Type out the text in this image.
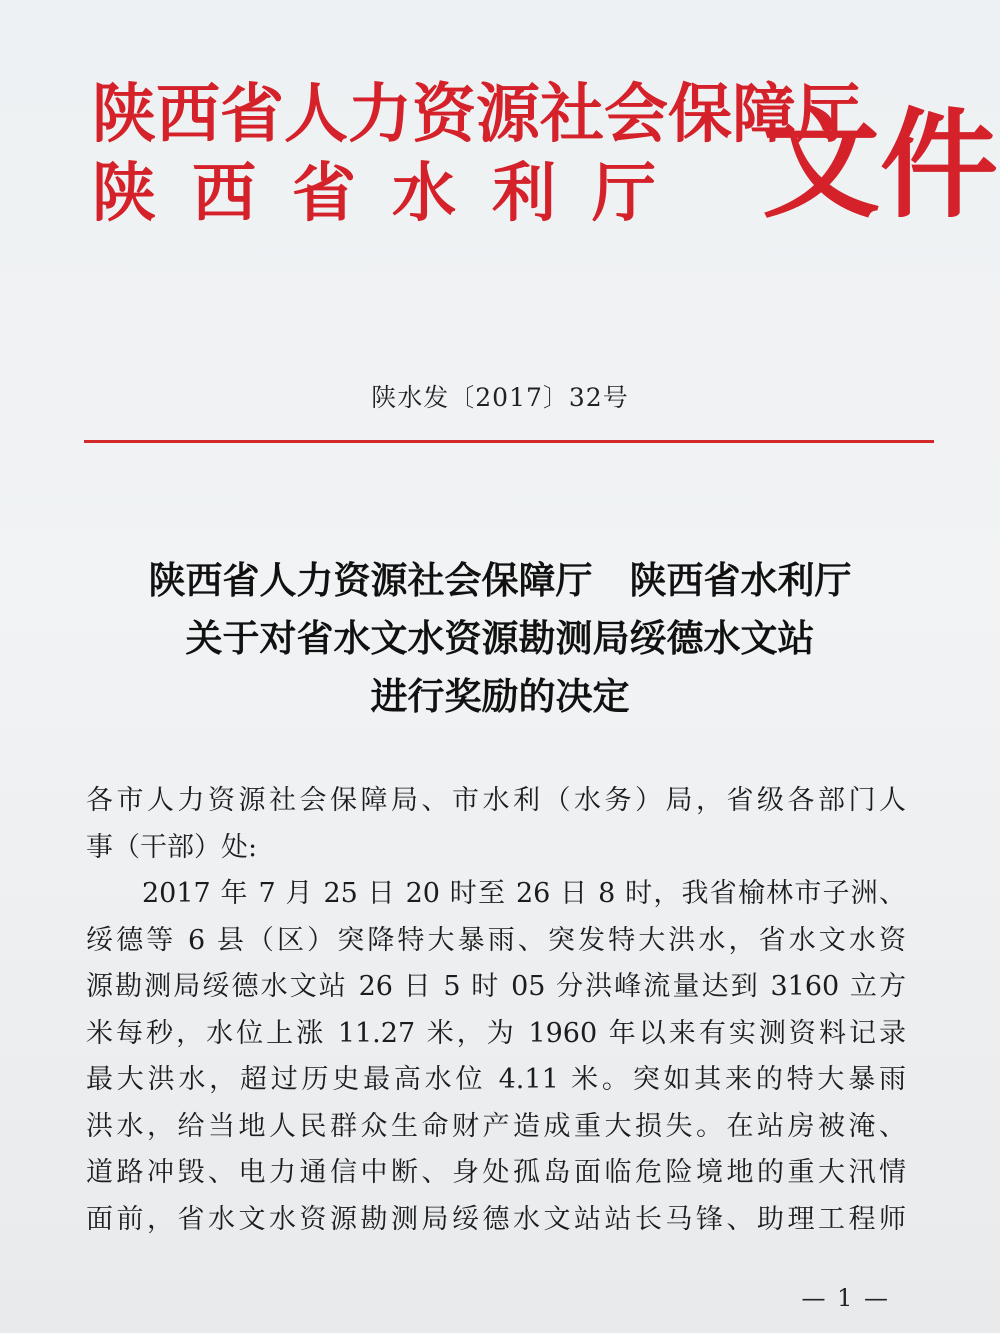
陕西省人力资源社会保障厅
陕西省水利厅 文件
陕水发〔2017〕32号
陕西省人力资源社会保障厅　陕西省水利厅
关于对省水文水资源勘测局绥德水文站
进行奖励的决定
各市人力资源社会保障局、市水利（水务）局，省级各部门人
事（干部）处:
2017 年 7 月 25 日 20 时至 26 日 8 时，我省榆林市子洲、
绥德等 6 县（区）突降特大暴雨、突发特大洪水，省水文水资
源勘测局绥德水文站 26 日 5 时 05 分洪峰流量达到 3160 立方
米每秒，水位上涨 11.27 米，为 1960 年以来有实测资料记录
最大洪水，超过历史最高水位 4.11 米。突如其来的特大暴雨
洪水，给当地人民群众生命财产造成重大损失。在站房被淹、
道路冲毁、电力通信中断、身处孤岛面临危险境地的重大汛情
面前，省水文水资源勘测局绥德水文站站长马锋、助理工程师
— 1 —
